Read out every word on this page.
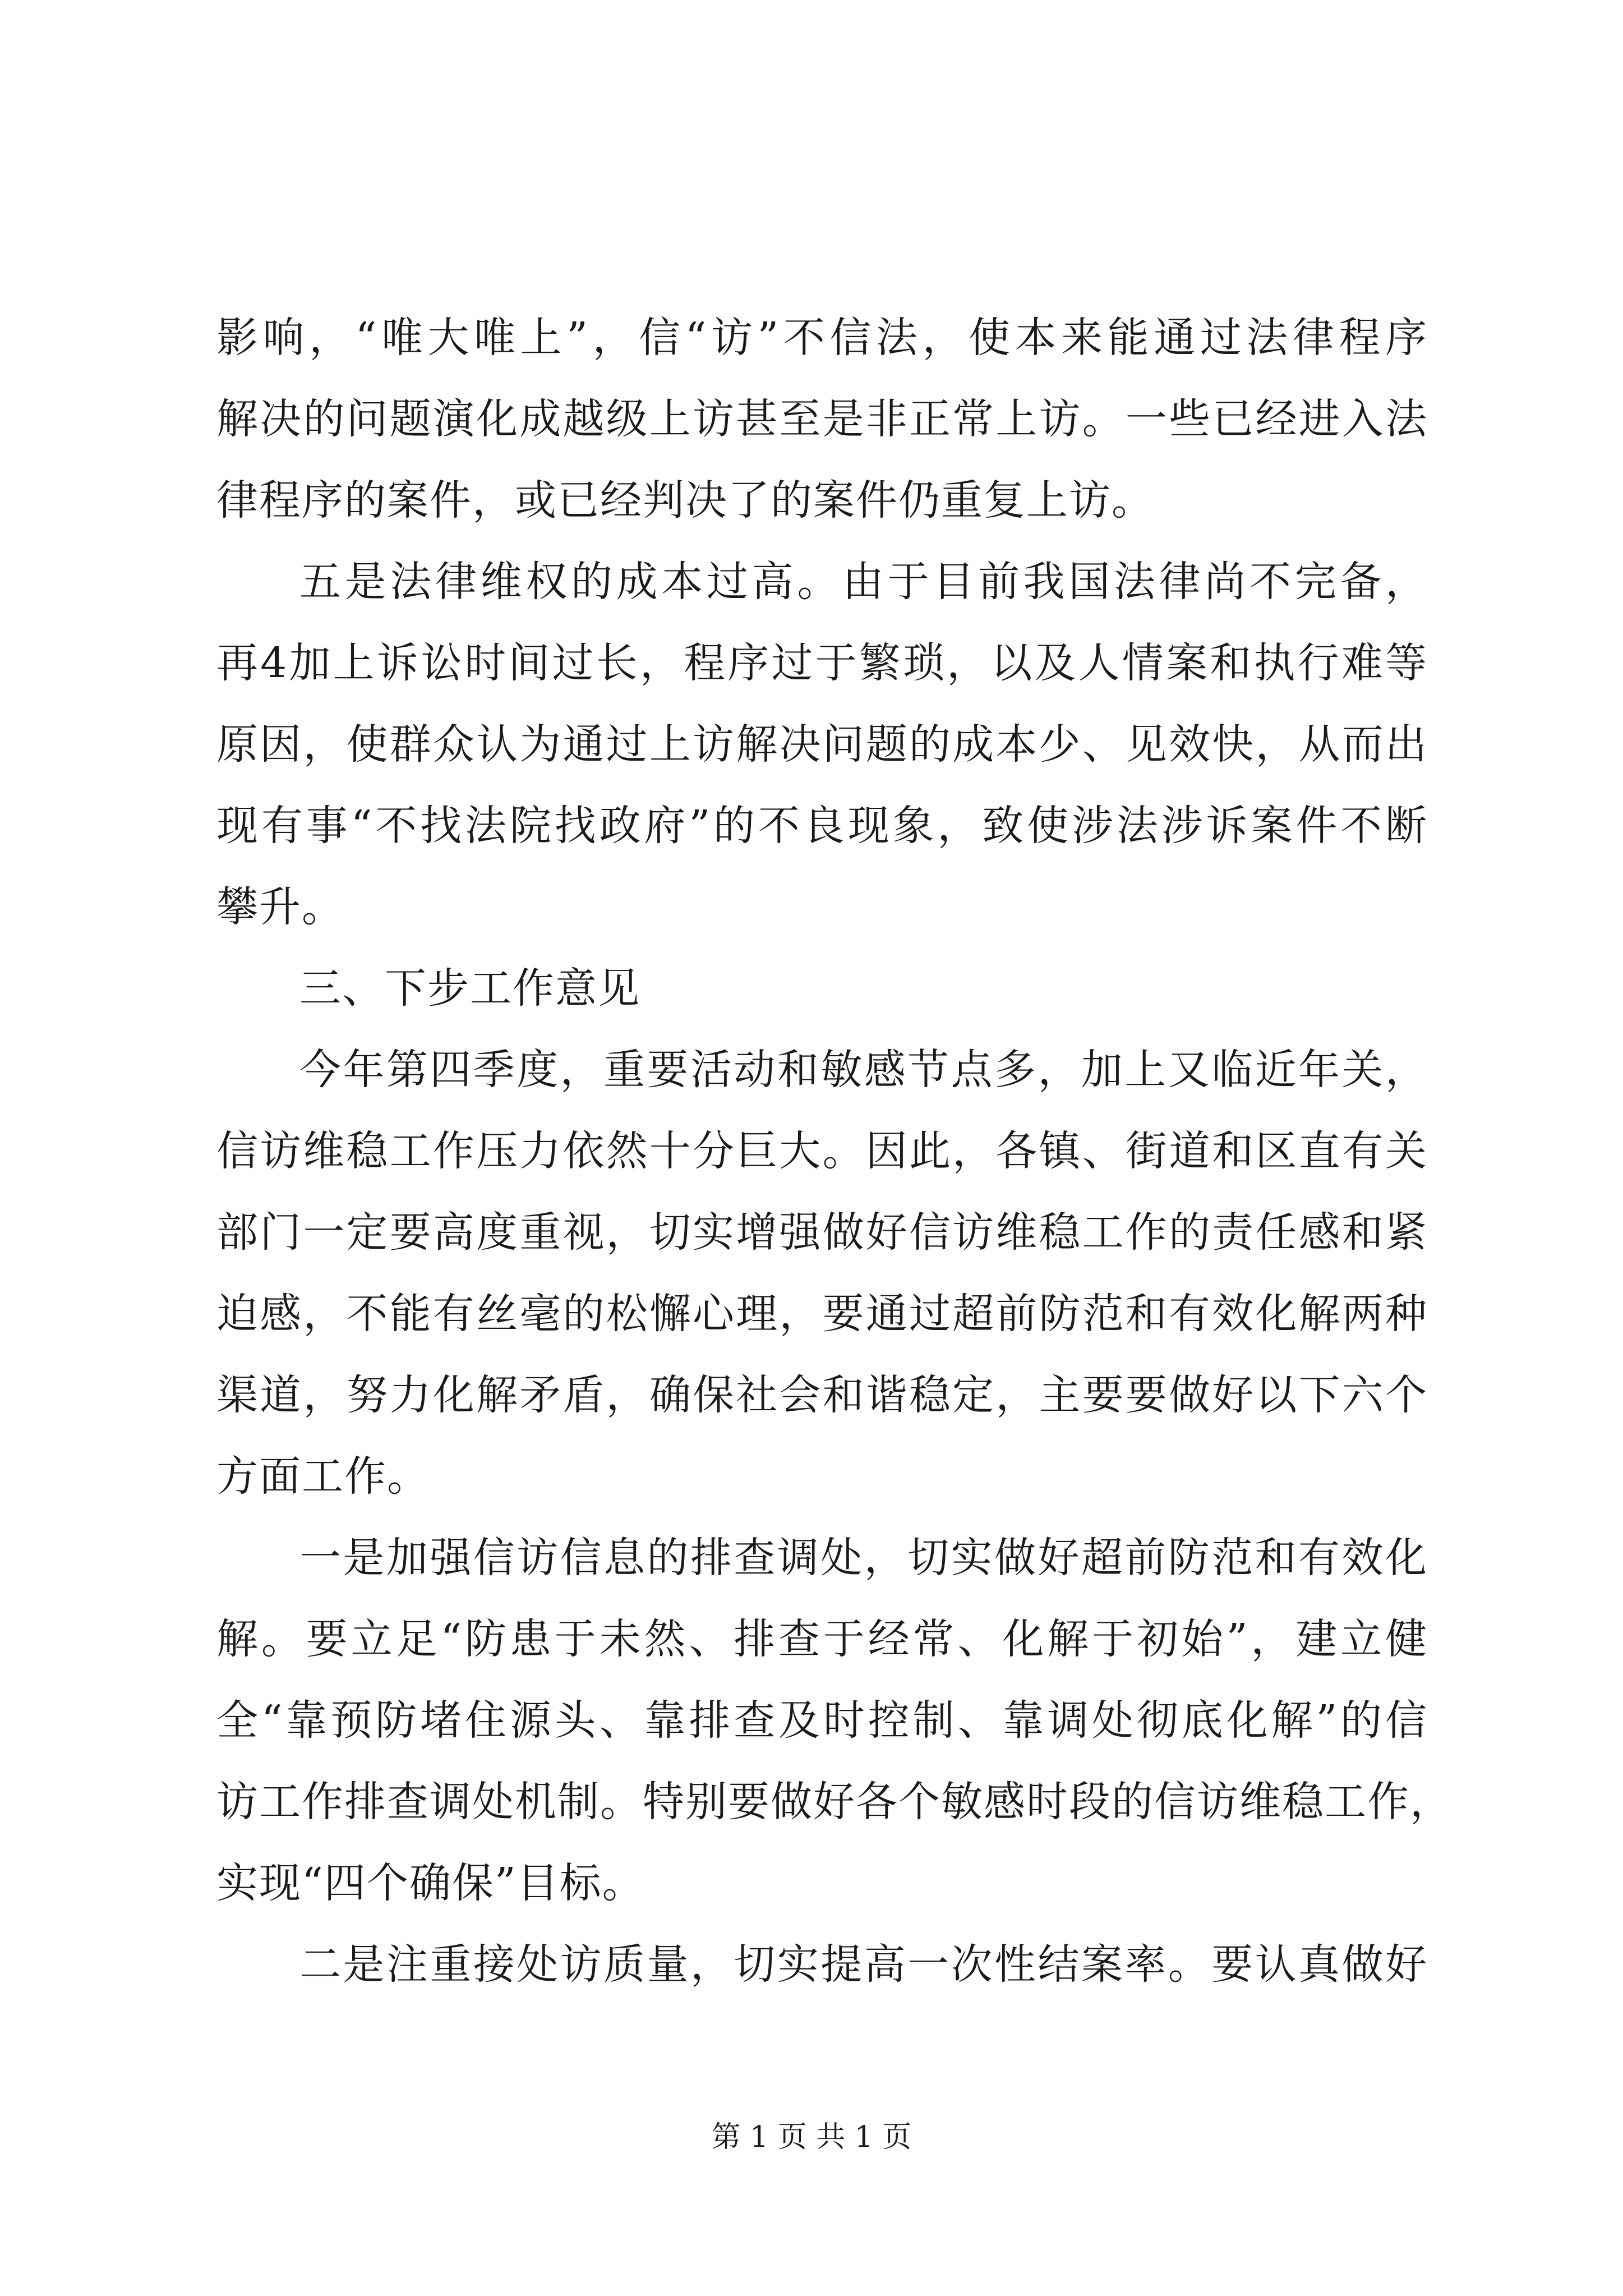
影响，“唯大唯上”，信“访”不信法，使本来能通过法律程序
解决的问题演化成越级上访甚至是非正常上访。一些已经进入法
律程序的案件，或已经判决了的案件仍重复上访。
五是法律维权的成本过高。由于目前我国法律尚不完备，
再4加上诉讼时间过长，程序过于繁琐，以及人情案和执行难等
原因，使群众认为通过上访解决问题的成本少、见效快，从而出
现有事“不找法院找政府”的不良现象，致使涉法涉诉案件不断
攀升。
三、下步工作意见
今年第四季度，重要活动和敏感节点多，加上又临近年关，
信访维稳工作压力依然十分巨大。因此，各镇、街道和区直有关
部门一定要高度重视，切实增强做好信访维稳工作的责任感和紧
迫感，不能有丝毫的松懈心理，要通过超前防范和有效化解两种
渠道，努力化解矛盾，确保社会和谐稳定，主要要做好以下六个
方面工作。
一是加强信访信息的排查调处，切实做好超前防范和有效化
解。要立足“防患于未然、排查于经常、化解于初始”，建立健
全“靠预防堵住源头、靠排查及时控制、靠调处彻底化解”的信
访工作排查调处机制。特别要做好各个敏感时段的信访维稳工作，
实现“四个确保”目标。
二是注重接处访质量，切实提高一次性结案率。要认真做好
第 1 页 共 1 页
